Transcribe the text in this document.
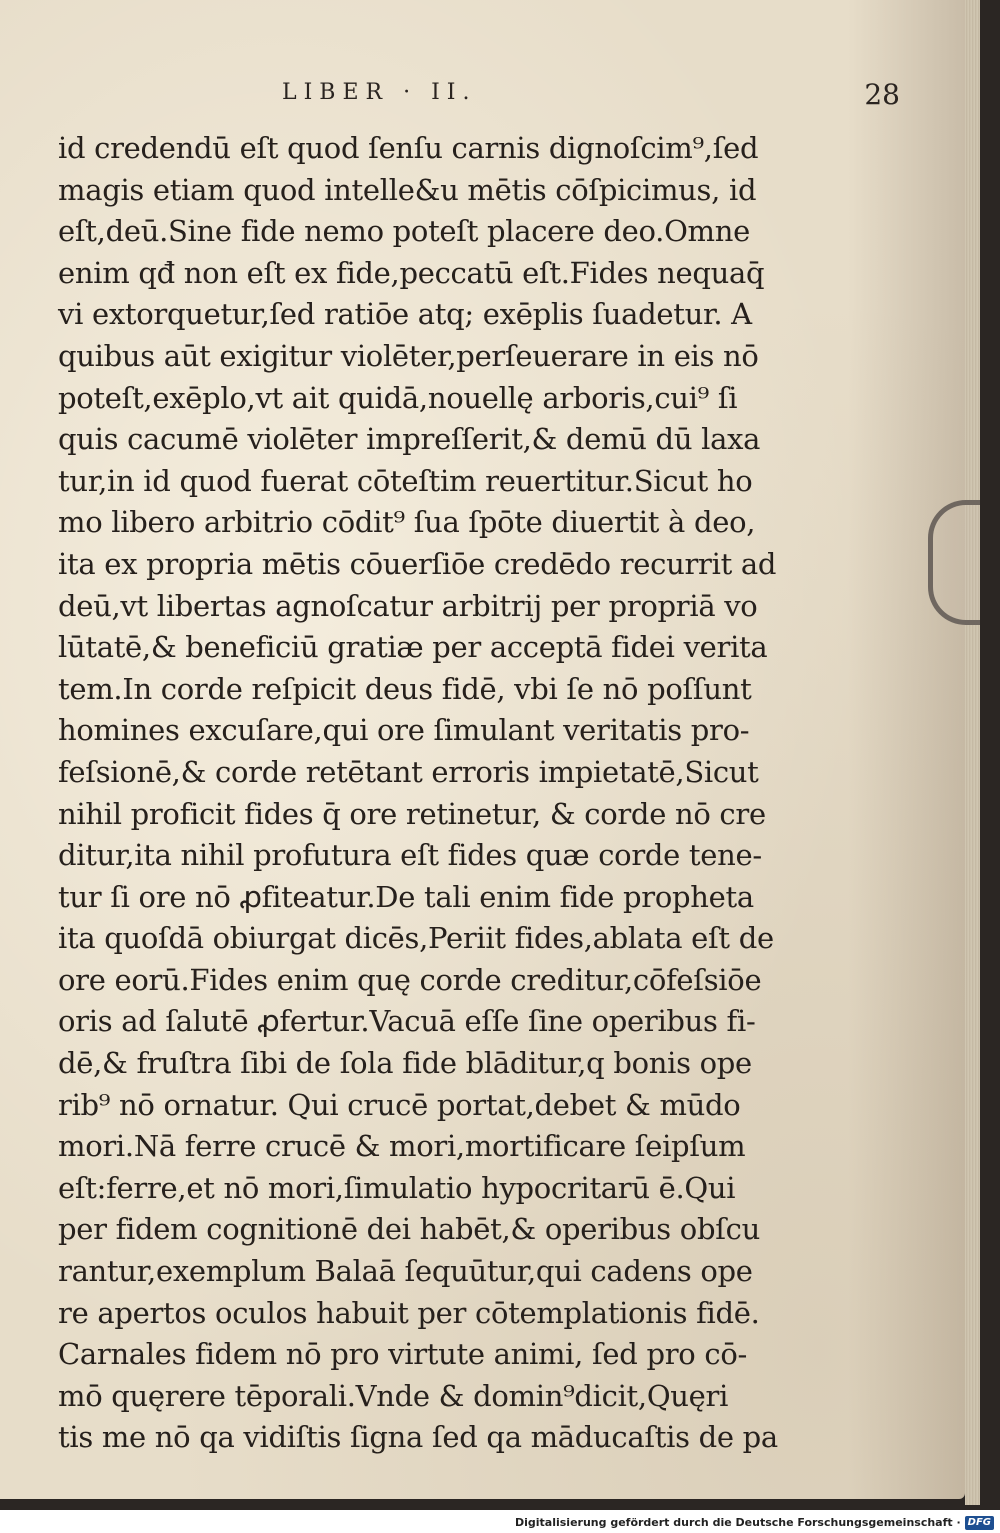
LIBER · II.	28
id credendū eſt quod ſenſu carnis dignoſcim⁹,ſed
magis etiam quod intelle&u mētis cōſpicimus, id
eſt,deū.Sine fide nemo poteſt placere deo.Omne
enim qđ non eſt ex fide,peccatū eſt.Fides nequaq̄
vi extorquetur,ſed ratiōe atq; exēplis ſuadetur. A
quibus aūt exigitur violēter,perſeuerare in eis nō
poteſt,exēplo,vt ait quidā,nouellę arboris,cui⁹ ſi
quis cacumē violēter impreſſerit,& demū dū laxa
tur,in id quod fuerat cōteſtim reuertitur.Sicut ho
mo libero arbitrio cōdit⁹ ſua ſpōte diuertit à deo,
ita ex propria mētis cōuerſiōe credēdo recurrit ad
deū,vt libertas agnoſcatur arbitrij per propriā vo
lūtatē,& beneficiū gratiæ per acceptā fidei verita
tem.In corde reſpicit deus fidē, vbi ſe nō poſſunt
homines excuſare,qui ore ſimulant veritatis pro-
feſsionē,& corde retētant erroris impietatē,Sicut
nihil proficit fides q̄ ore retinetur, & corde nō cre
ditur,ita nihil profutura eſt fides quæ corde tene-
tur ſi ore nō ꝓfiteatur.De tali enim fide propheta
ita quoſdā obiurgat dicēs,Periit fides,ablata eſt de
ore eorū.Fides enim quę corde creditur,cōfeſsiōe
oris ad ſalutē ꝓfertur.Vacuā eſſe ſine operibus fi-
dē,& fruſtra ſibi de ſola fide blāditur,q bonis ope
rib⁹ nō ornatur. Qui crucē portat,debet & mūdo
mori.Nā ferre crucē & mori,mortificare ſeipſum
eſt:ferre,et nō mori,ſimulatio hypocritarū ē.Qui
per fidem cognitionē dei habēt,& operibus obſcu
rantur,exemplum Balaā ſequūtur,qui cadens ope
re apertos oculos habuit per cōtemplationis fidē.
Carnales fidem nō pro virtute animi, ſed pro cō-
mō quęrere tēporali.Vnde & domin⁹dicit,Quęri
tis me nō qa vidiſtis ſigna ſed qa māducaſtis de pa
Digitalisierung gefördert durch die Deutsche Forschungsgemeinschaft · DFG
